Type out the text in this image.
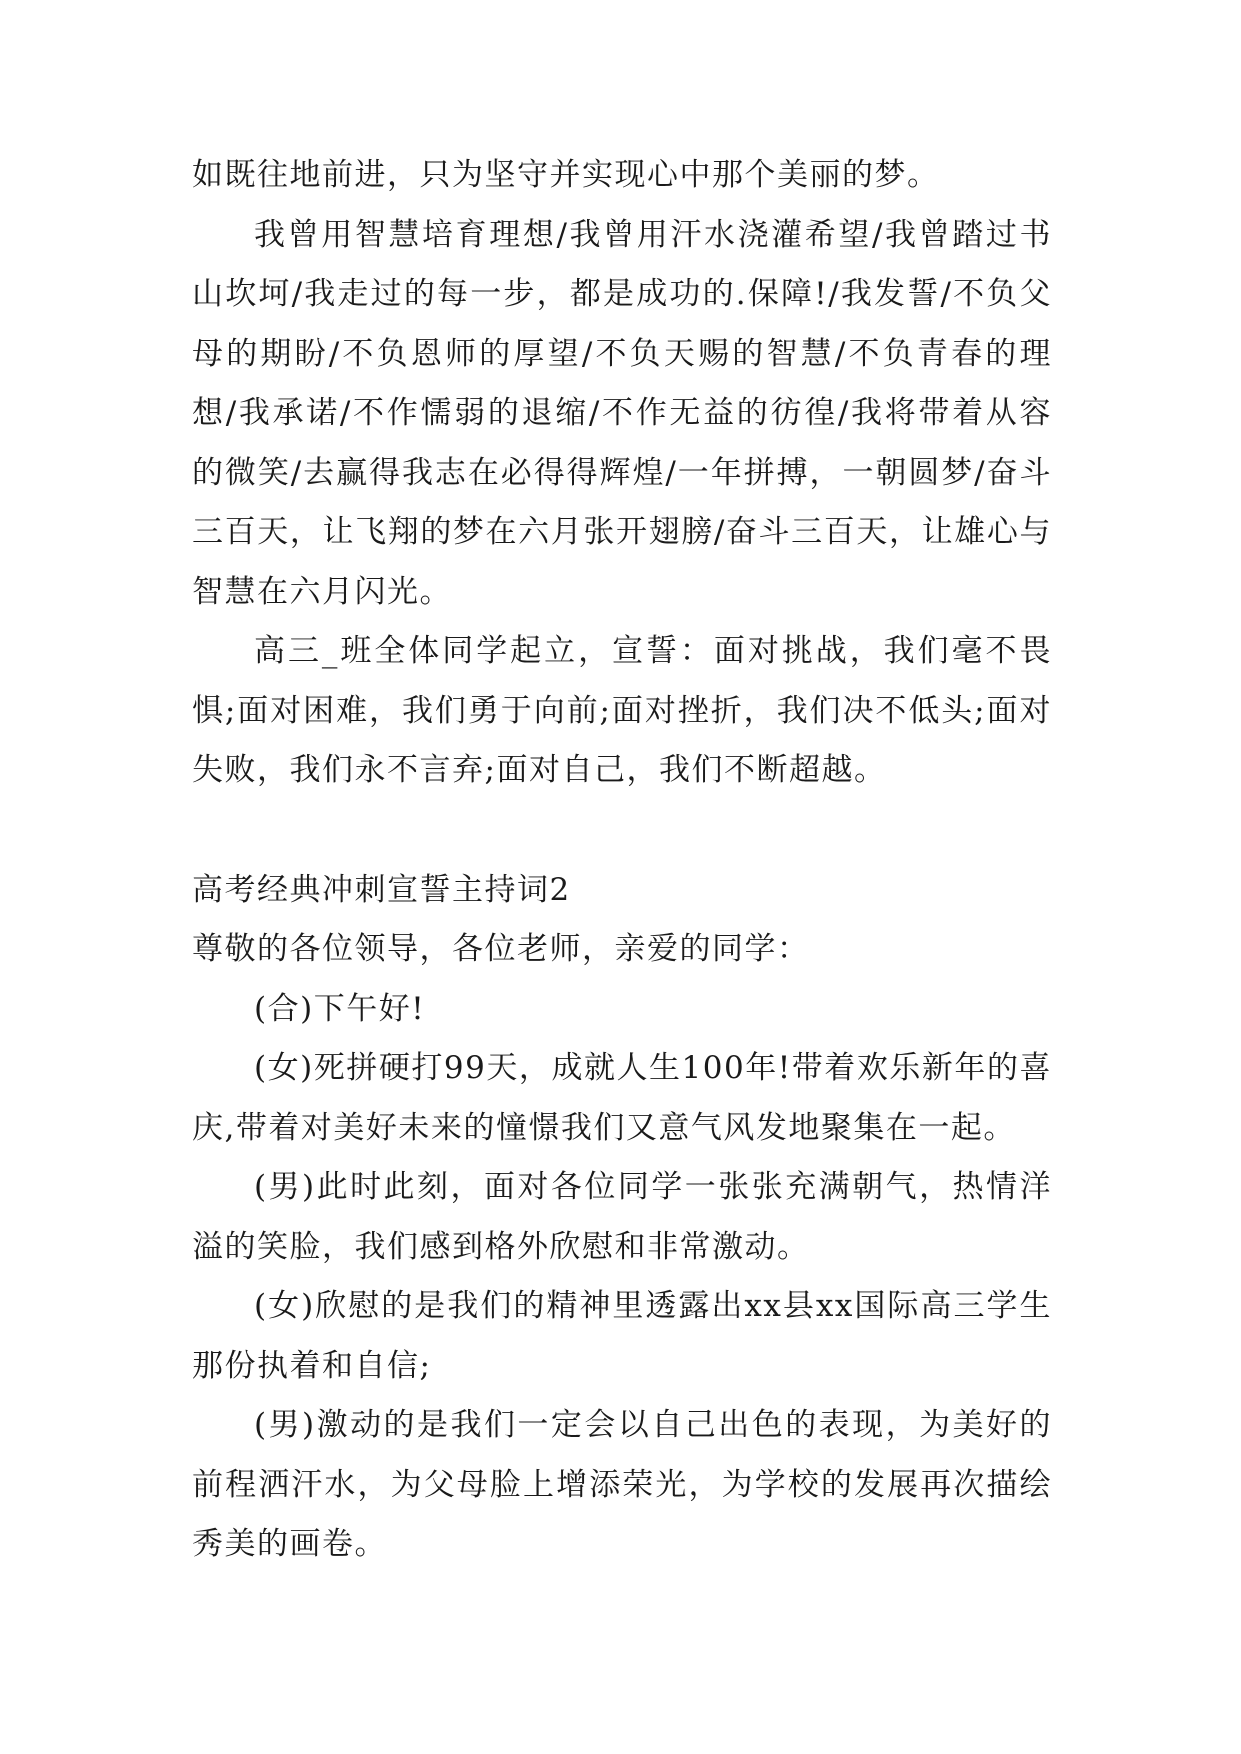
如既往地前进，只为坚守并实现心中那个美丽的梦。

我曾用智慧培育理想/我曾用汗水浇灌希望/我曾踏过书山坎坷/我走过的每一步，都是成功的.保障!/我发誓/不负父母的期盼/不负恩师的厚望/不负天赐的智慧/不负青春的理想/我承诺/不作懦弱的退缩/不作无益的彷徨/我将带着从容的微笑/去赢得我志在必得得辉煌/一年拼搏，一朝圆梦/奋斗三百天，让飞翔的梦在六月张开翅膀/奋斗三百天，让雄心与智慧在六月闪光。

高三_班全体同学起立，宣誓：面对挑战，我们毫不畏惧;面对困难，我们勇于向前;面对挫折，我们决不低头;面对失败，我们永不言弃;面对自己，我们不断超越。

高考经典冲刺宣誓主持词2

尊敬的各位领导，各位老师，亲爱的同学：

(合)下午好!

(女)死拼硬打99天，成就人生100年!带着欢乐新年的喜庆,带着对美好未来的憧憬我们又意气风发地聚集在一起。

(男)此时此刻，面对各位同学一张张充满朝气，热情洋溢的笑脸，我们感到格外欣慰和非常激动。

(女)欣慰的是我们的精神里透露出xx县xx国际高三学生那份执着和自信;

(男)激动的是我们一定会以自己出色的表现，为美好的前程洒汗水，为父母脸上增添荣光，为学校的发展再次描绘秀美的画卷。
